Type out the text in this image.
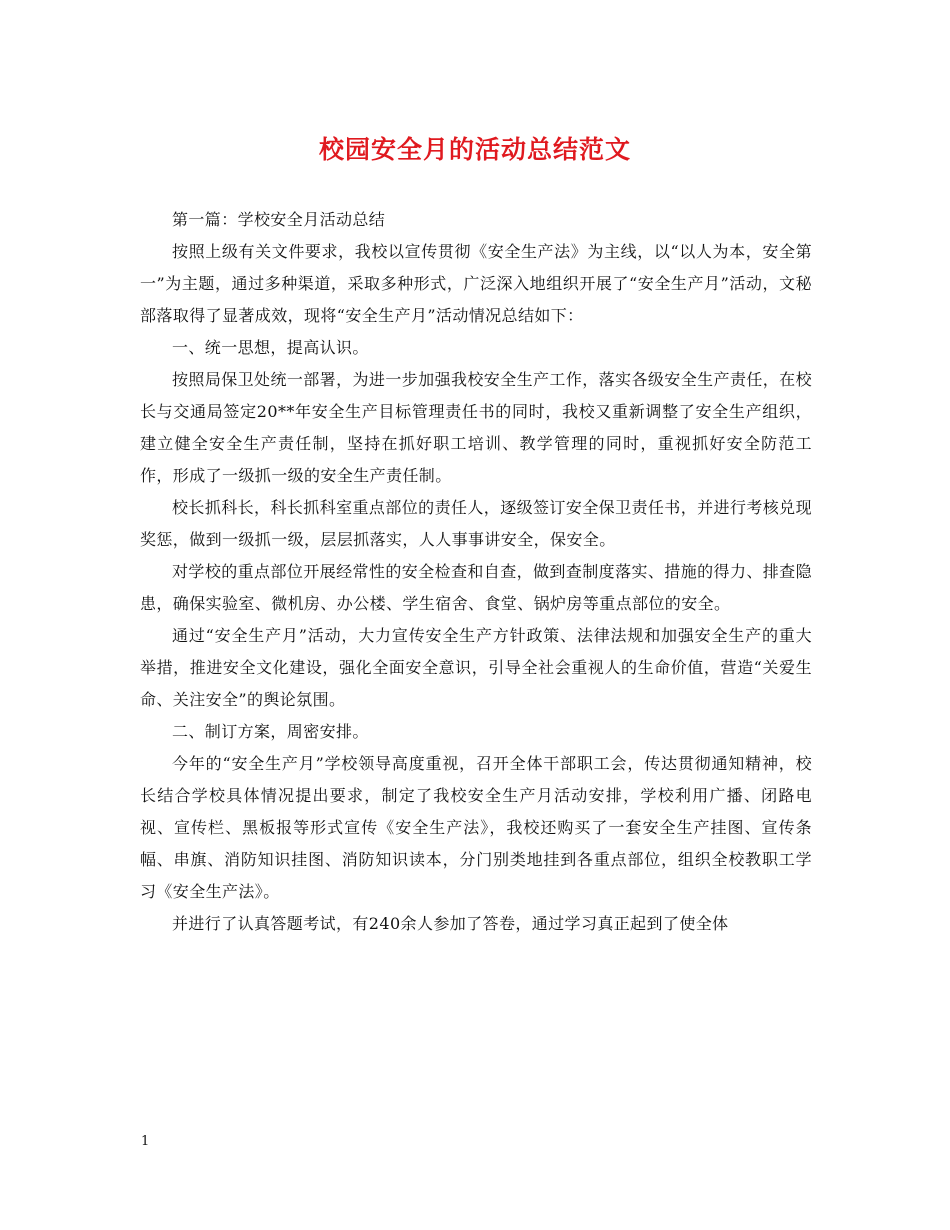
校园安全月的活动总结范文

第一篇：学校安全月活动总结

按照上级有关文件要求，我校以宣传贯彻《安全生产法》为主线，以“以人为本，安全第一”为主题，通过多种渠道，采取多种形式，广泛深入地组织开展了“安全生产月”活动，文秘部落取得了显著成效，现将“安全生产月”活动情况总结如下：

一、统一思想，提高认识。

按照局保卫处统一部署，为进一步加强我校安全生产工作，落实各级安全生产责任，在校长与交通局签定20**年安全生产目标管理责任书的同时，我校又重新调整了安全生产组织，建立健全安全生产责任制，坚持在抓好职工培训、教学管理的同时，重视抓好安全防范工作，形成了一级抓一级的安全生产责任制。

校长抓科长，科长抓科室重点部位的责任人，逐级签订安全保卫责任书，并进行考核兑现奖惩，做到一级抓一级，层层抓落实，人人事事讲安全，保安全。

对学校的重点部位开展经常性的安全检查和自查，做到查制度落实、措施的得力、排查隐患，确保实验室、微机房、办公楼、学生宿舍、食堂、锅炉房等重点部位的安全。

通过“安全生产月”活动，大力宣传安全生产方针政策、法律法规和加强安全生产的重大举措，推进安全文化建设，强化全面安全意识，引导全社会重视人的生命价值，营造“关爱生命、关注安全”的舆论氛围。

二、制订方案，周密安排。

今年的“安全生产月”学校领导高度重视，召开全体干部职工会，传达贯彻通知精神，校长结合学校具体情况提出要求，制定了我校安全生产月活动安排，学校利用广播、闭路电视、宣传栏、黑板报等形式宣传《安全生产法》，我校还购买了一套安全生产挂图、宣传条幅、串旗、消防知识挂图、消防知识读本，分门别类地挂到各重点部位，组织全校教职工学习《安全生产法》。

并进行了认真答题考试，有240余人参加了答卷，通过学习真正起到了使全体

1
